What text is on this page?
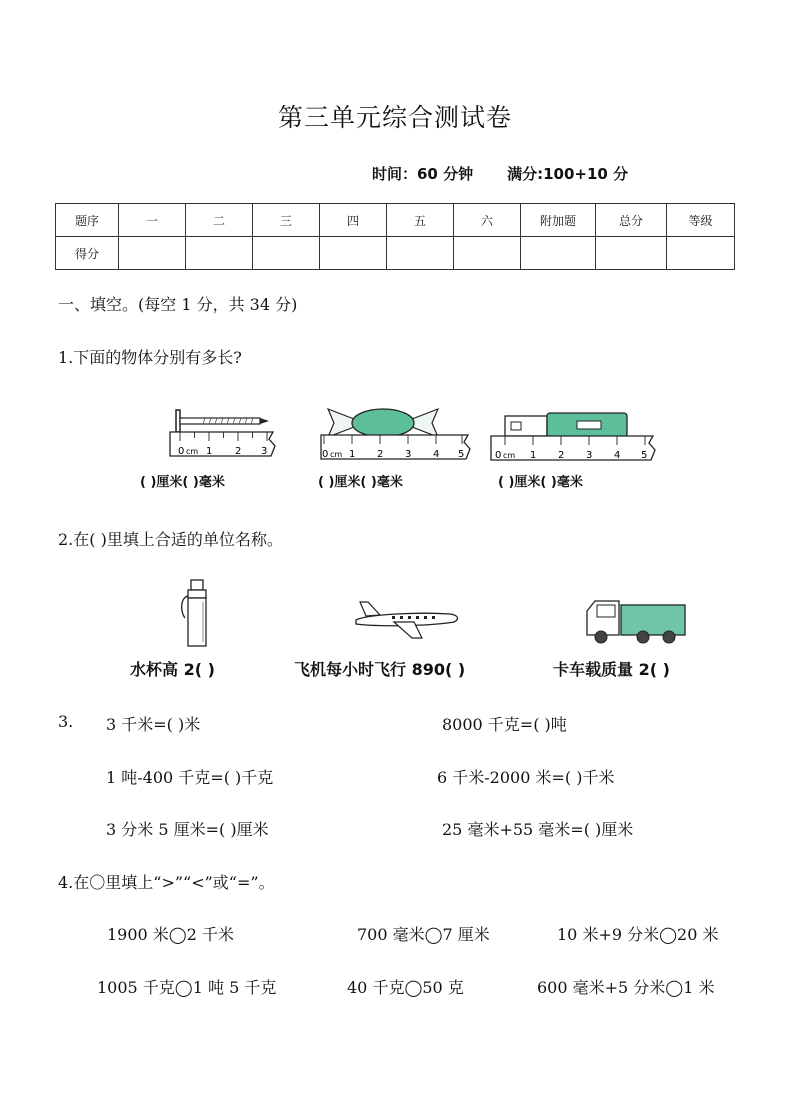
第三单元综合测试卷
时间：60 分钟 满分:100+10 分
题序	一	二	三	四	五	六	附加题	总分	等级
得分									
一、填空。(每空 1 分，共 34 分)
1.下面的物体分别有多长?
0 cm 1 2 3	0 cm 1 2 3 4 5	0 cm 1 2 3 4 5
( )厘米( )毫米	( )厘米( )毫米	( )厘米( )毫米
2.在( )里填上合适的单位名称。
水杯高 2( )	飞机每小时飞行 890( )	卡车载质量 2( )
3. 3 千米=( )米	8000 千克=( )吨
1 吨-400 千克=( )千克	6 千米-2000 米=( )千米
3 分米 5 厘米=( )厘米	25 毫米+55 毫米=( )厘米
4.在〇里填上“>”“<”或“=”。
1900 米◯2 千米	700 毫米◯7 厘米	10 米+9 分米◯20 米
1005 千克◯1 吨 5 千克	40 千克◯50 克	600 毫米+5 分米◯1 米
